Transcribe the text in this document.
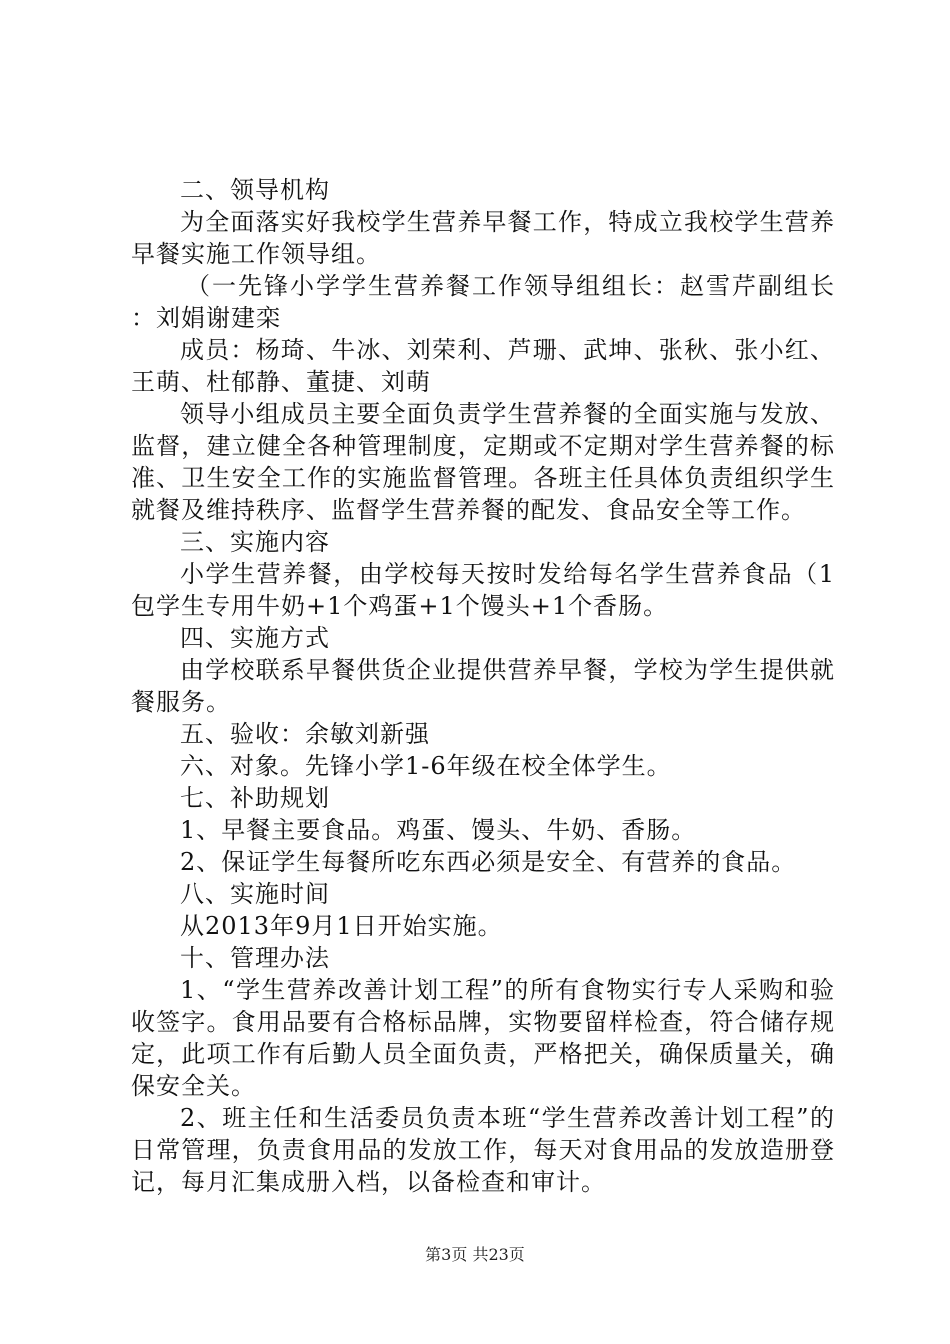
二、领导机构

为全面落实好我校学生营养早餐工作，特成立我校学生营养早餐实施工作领导组。

（一先锋小学学生营养餐工作领导组组长：赵雪芹副组长：刘娟谢建栾

成员：杨琦、牛冰、刘荣利、芦珊、武坤、张秋、张小红、王萌、杜郁静、董捷、刘萌

领导小组成员主要全面负责学生营养餐的全面实施与发放、监督，建立健全各种管理制度，定期或不定期对学生营养餐的标准、卫生安全工作的实施监督管理。各班主任具体负责组织学生就餐及维持秩序、监督学生营养餐的配发、食品安全等工作。

三、实施内容

小学生营养餐，由学校每天按时发给每名学生营养食品（1包学生专用牛奶+1个鸡蛋+1个馒头+1个香肠。

四、实施方式

由学校联系早餐供货企业提供营养早餐，学校为学生提供就餐服务。

五、验收：余敏刘新强

六、对象。先锋小学1-6年级在校全体学生。

七、补助规划

1、早餐主要食品。鸡蛋、馒头、牛奶、香肠。

2、保证学生每餐所吃东西必须是安全、有营养的食品。

八、实施时间

从2013年9月1日开始实施。

十、管理办法

1、“学生营养改善计划工程”的所有食物实行专人采购和验收签字。食用品要有合格标品牌，实物要留样检查，符合储存规定，此项工作有后勤人员全面负责，严格把关，确保质量关，确保安全关。

2、班主任和生活委员负责本班“学生营养改善计划工程”的日常管理，负责食用品的发放工作，每天对食用品的发放造册登记，每月汇集成册入档，以备检查和审计。

第3页 共23页
